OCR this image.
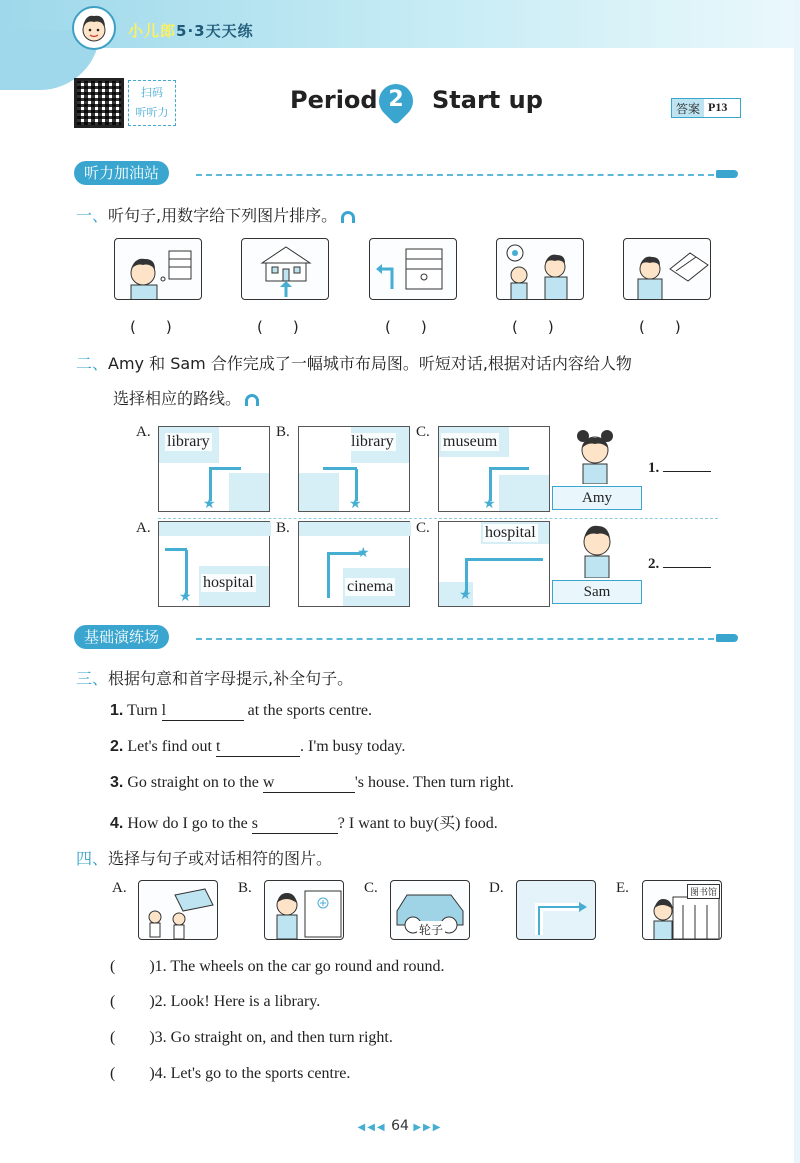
小儿郎5·3天天练
扫码
听听力	Period 2	Start up	答案 P13
听力加油站
一、听句子,用数字给下列图片排序。
(　　)	(　　)	(　　)	(　　)	(　　)
二、Amy 和 Sam 合作完成了一幅城市布局图。听短对话,根据对话内容给人物
选择相应的路线。
A.
library
★
B.
library
★
C.
museum
★	Amy
1.
A.
hospital
★
B.
cinema
★
C.	hospital
★	Sam
2.
基础演练场
三、根据句意和首字母提示,补全句子。
1. Turn l	at the sports centre.
2. Let's find out t	. I'm busy today.
3. Go straight on to the w	's house. Then turn right.
4. How do I go to the s	? I want to buy(买) food.
四、选择与句子或对话相符的图片。
A.	B.	C.
轮子
D.	E.	图书馆
( )1. The wheels on the car go round and round.
( )2. Look! Here is a library.
( )3. Go straight on, and then turn right.
( )4. Let's go to the sports centre.
◀◀◀ 64 ▶▶▶
